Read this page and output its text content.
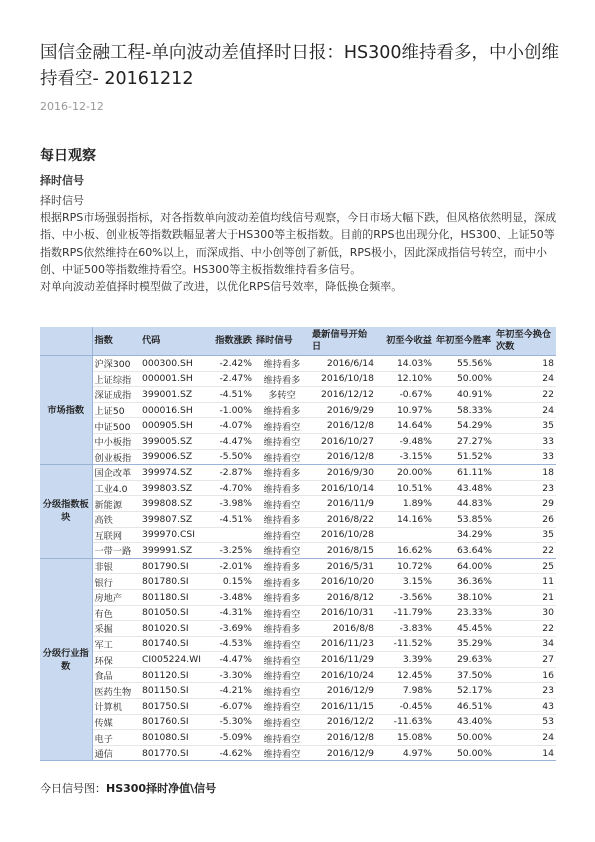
国信金融工程-单向波动差值择时日报：HS300维持看多，中小创维持看空- 20161212
2016-12-12
每日观察
择时信号

择时信号

根据RPS市场强弱指标，对各指数单向波动差值均线信号观察，今日市场大幅下跌，但风格依然明显，深成指、中小板、创业板等指数跌幅显著大于HS300等主板指数。目前的RPS也出现分化，HS300、上证50等指数RPS依然维持在60%以上，而深成指、中小创等创了新低，RPS极小，因此深成指信号转空，而中小创、中证500等指数维持看空。HS300等主板指数维持看多信号。

对单向波动差值择时模型做了改进，以优化RPS信号效率，降低换仓频率。

	指数	代码	指数涨跌	择时信号	最新信号开始日	初至今收益	年初至今胜率	年初至今换仓次数
市场指数	沪深300	000300.SH	-2.42%	维持看多	2016/6/14	14.03%	55.56%	18
	上证综指	000001.SH	-2.47%	维持看多	2016/10/18	12.10%	50.00%	24
	深证成指	399001.SZ	-4.51%	多转空	2016/12/12	-0.67%	40.91%	22
	上证50	000016.SH	-1.00%	维持看多	2016/9/29	10.97%	58.33%	24
	中证500	000905.SH	-4.07%	维持看空	2016/12/8	14.64%	54.29%	35
	中小板指	399005.SZ	-4.47%	维持看空	2016/10/27	-9.48%	27.27%	33
	创业板指	399006.SZ	-5.50%	维持看空	2016/12/8	-3.15%	51.52%	33
分级指数板块	国企改革	399974.SZ	-2.87%	维持看多	2016/9/30	20.00%	61.11%	18
	工业4.0	399803.SZ	-4.70%	维持看多	2016/10/14	10.51%	43.48%	23
	新能源	399808.SZ	-3.98%	维持看空	2016/11/9	1.89%	44.83%	29
	高铁	399807.SZ	-4.51%	维持看多	2016/8/22	14.16%	53.85%	26
	互联网	399970.CSI		维持看空	2016/10/28		34.29%	35
	一带一路	399991.SZ	-3.25%	维持看空	2016/8/15	16.62%	63.64%	22
分级行业指数	非银	801790.SI	-2.01%	维持看多	2016/5/31	10.72%	64.00%	25
	银行	801780.SI	0.15%	维持看多	2016/10/20	3.15%	36.36%	11
	房地产	801180.SI	-3.48%	维持看多	2016/8/12	-3.56%	38.10%	21
	有色	801050.SI	-4.31%	维持看空	2016/10/31	-11.79%	23.33%	30
	采掘	801020.SI	-3.69%	维持看多	2016/8/8	-3.83%	45.45%	22
	军工	801740.SI	-4.53%	维持看空	2016/11/23	-11.52%	35.29%	34
	环保	CI005224.WI	-4.47%	维持看空	2016/11/29	3.39%	29.63%	27
	食品	801120.SI	-3.30%	维持看空	2016/10/24	12.45%	37.50%	16
	医药生物	801150.SI	-4.21%	维持看空	2016/12/9	7.98%	52.17%	23
	计算机	801750.SI	-6.07%	维持看空	2016/11/15	-0.45%	46.51%	43
	传媒	801760.SI	-5.30%	维持看空	2016/12/2	-11.63%	43.40%	53
	电子	801080.SI	-5.09%	维持看空	2016/12/8	15.08%	50.00%	24
	通信	801770.SI	-4.62%	维持看空	2016/12/9	4.97%	50.00%	14
今日信号图：HS300择时净值\信号
